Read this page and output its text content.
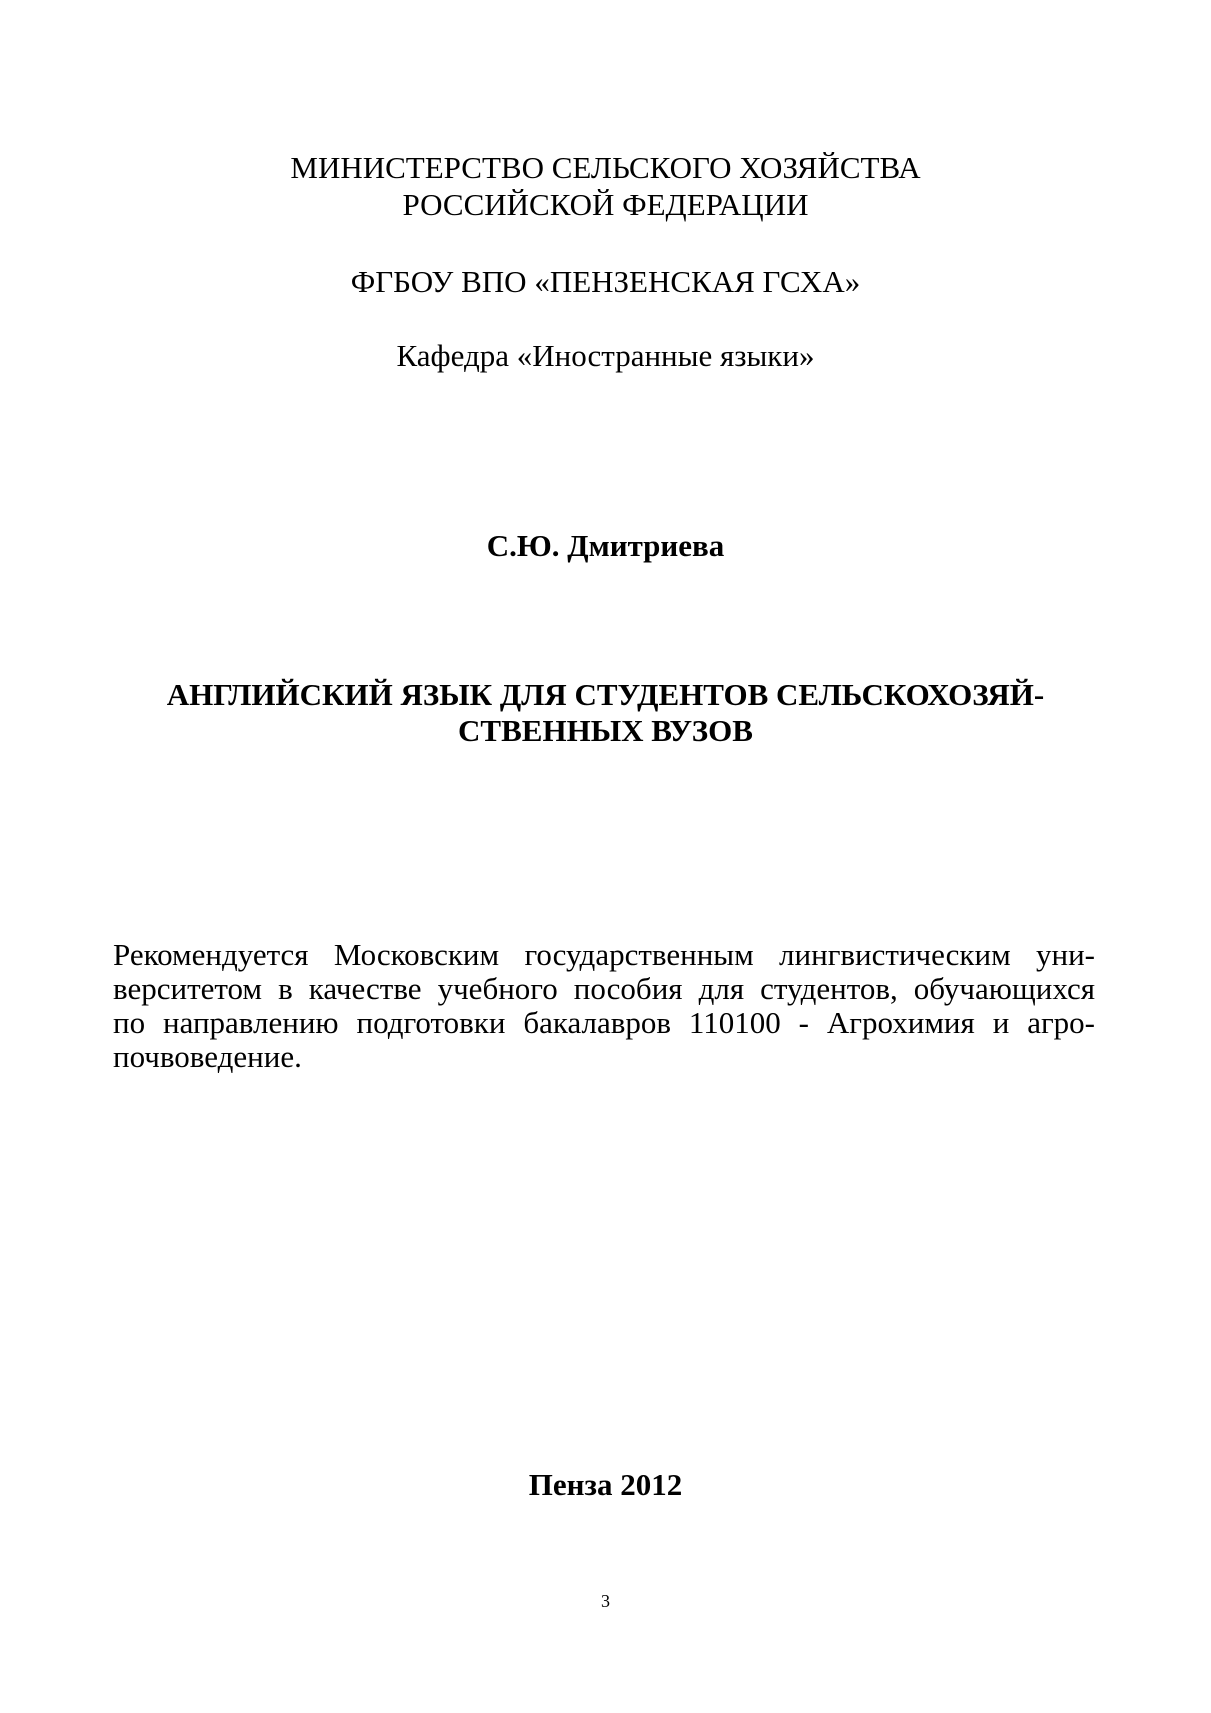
МИНИСТЕРСТВО СЕЛЬСКОГО ХОЗЯЙСТВА
РОССИЙСКОЙ ФЕДЕРАЦИИ
ФГБОУ ВПО «ПЕНЗЕНСКАЯ ГСХА»
Кафедра «Иностранные языки»
С.Ю. Дмитриева
АНГЛИЙСКИЙ ЯЗЫК ДЛЯ СТУДЕНТОВ СЕЛЬСКОХОЗЯЙ-
СТВЕННЫХ ВУЗОВ
Рекомендуется Московским государственным лингвистическим уни-
верситетом в качестве учебного пособия для студентов, обучающихся
по направлению подготовки бакалавров 110100 - Агрохимия и агро-
почвоведение.
Пенза 2012
3
